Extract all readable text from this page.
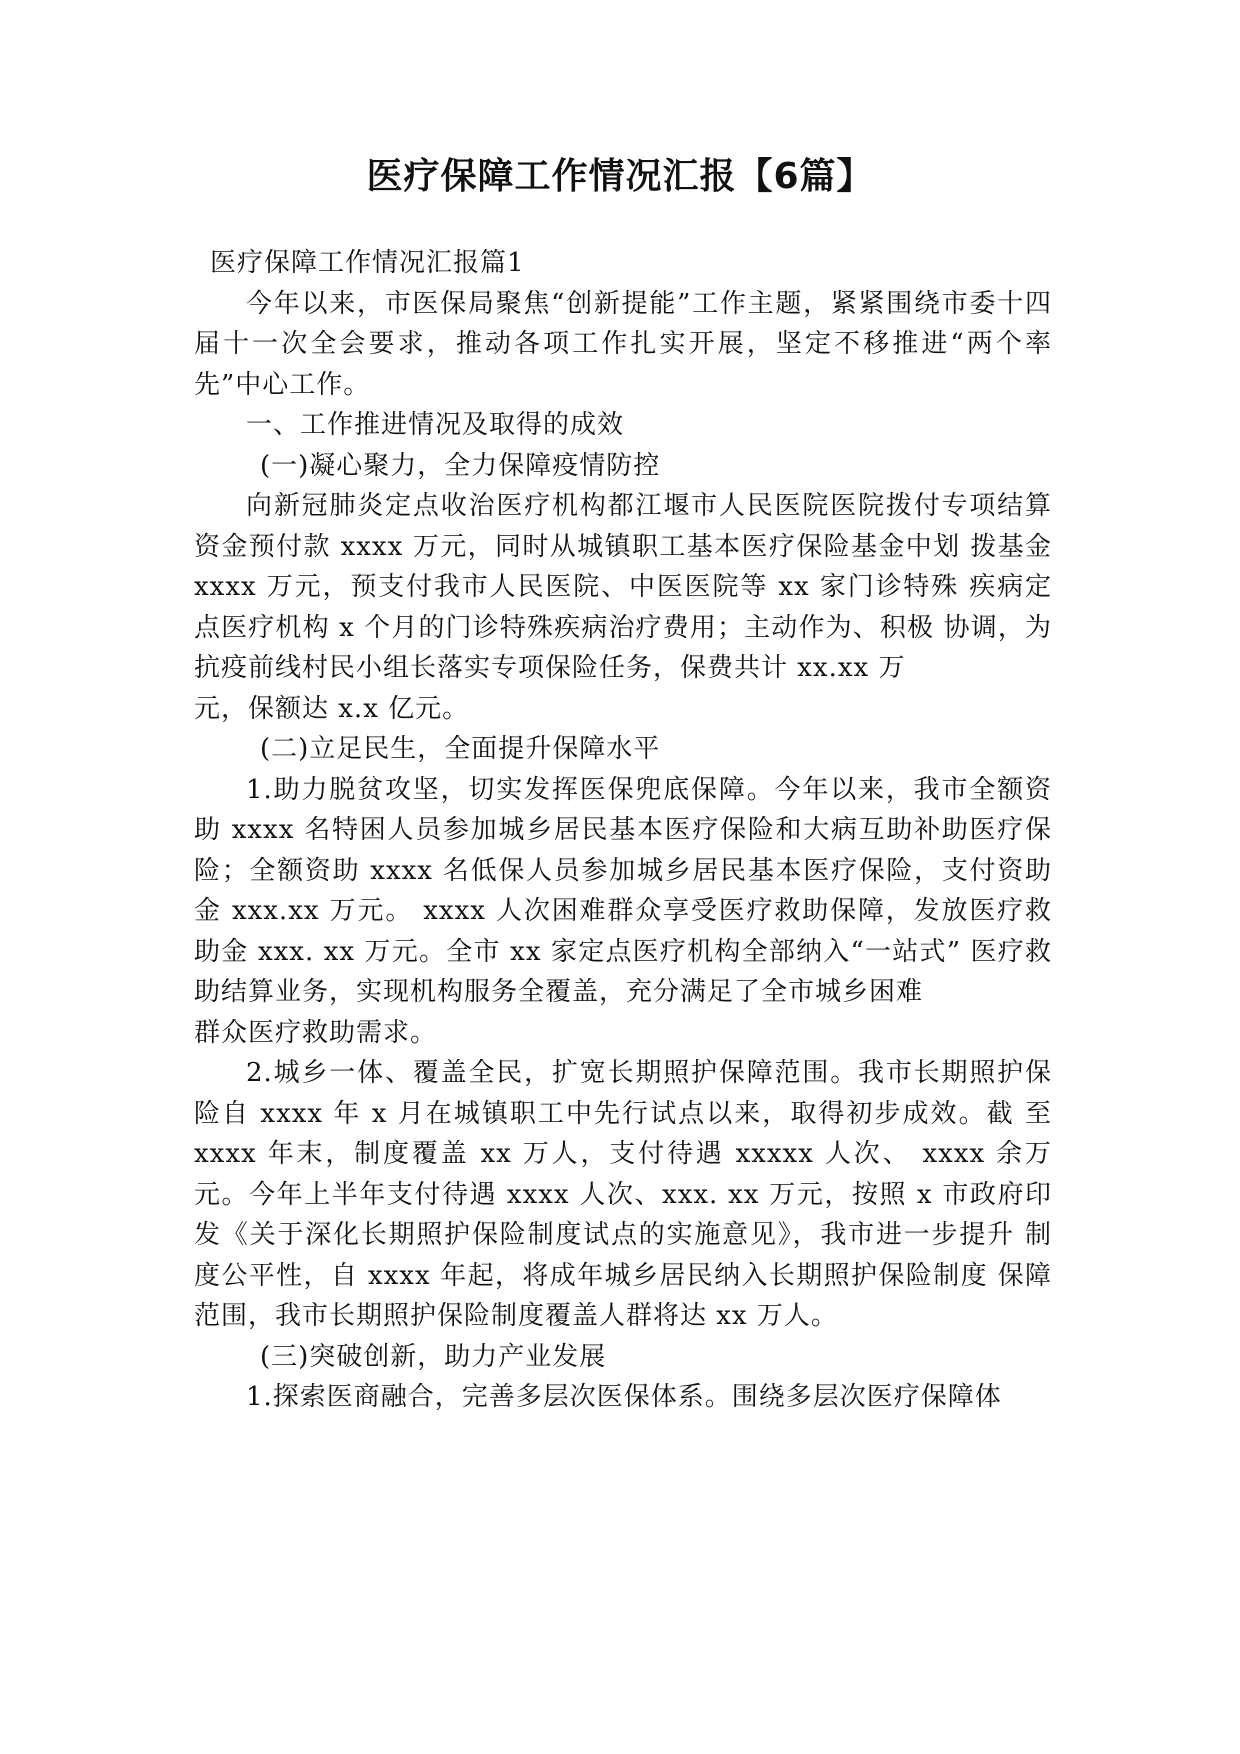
医疗保障工作情况汇报【6篇】

医疗保障工作情况汇报篇1

今年以来，市医保局聚焦“创新提能”工作主题，紧紧围绕市委十四届十一次全会要求，推动各项工作扎实开展，坚定不移推进“两个率先”中心工作。

一、工作推进情况及取得的成效

(一)凝心聚力，全力保障疫情防控

向新冠肺炎定点收治医疗机构都江堰市人民医院医院拨付专项结算资金预付款 xxxx 万元，同时从城镇职工基本医疗保险基金中划 拨基金 xxxx 万元，预支付我市人民医院、中医医院等 xx 家门诊特殊 疾病定点医疗机构 x 个月的门诊特殊疾病治疗费用；主动作为、积极 协调，为抗疫前线村民小组长落实专项保险任务，保费共计 xx.xx 万

元，保额达 x.x 亿元。

(二)立足民生，全面提升保障水平

1.助力脱贫攻坚，切实发挥医保兜底保障。今年以来，我市全额资助 xxxx 名特困人员参加城乡居民基本医疗保险和大病互助补助医疗保险；全额资助 xxxx 名低保人员参加城乡居民基本医疗保险，支付资助金 xxx.xx 万元。 xxxx 人次困难群众享受医疗救助保障，发放医疗救助金 xxx. xx 万元。全市 xx 家定点医疗机构全部纳入“一站式” 医疗救助结算业务，实现机构服务全覆盖，充分满足了全市城乡困难

群众医疗救助需求。

2.城乡一体、覆盖全民，扩宽长期照护保障范围。我市长期照护保险自 xxxx 年 x 月在城镇职工中先行试点以来，取得初步成效。截 至 xxxx 年末，制度覆盖 xx 万人，支付待遇 xxxxx 人次、 xxxx 余万 元。今年上半年支付待遇 xxxx 人次、xxx. xx 万元，按照 x 市政府印 发《关于深化长期照护保险制度试点的实施意见》，我市进一步提升 制度公平性，自 xxxx 年起，将成年城乡居民纳入长期照护保险制度 保障范围，我市长期照护保险制度覆盖人群将达 xx 万人。

(三)突破创新，助力产业发展

1.探索医商融合，完善多层次医保体系。围绕多层次医疗保障体
